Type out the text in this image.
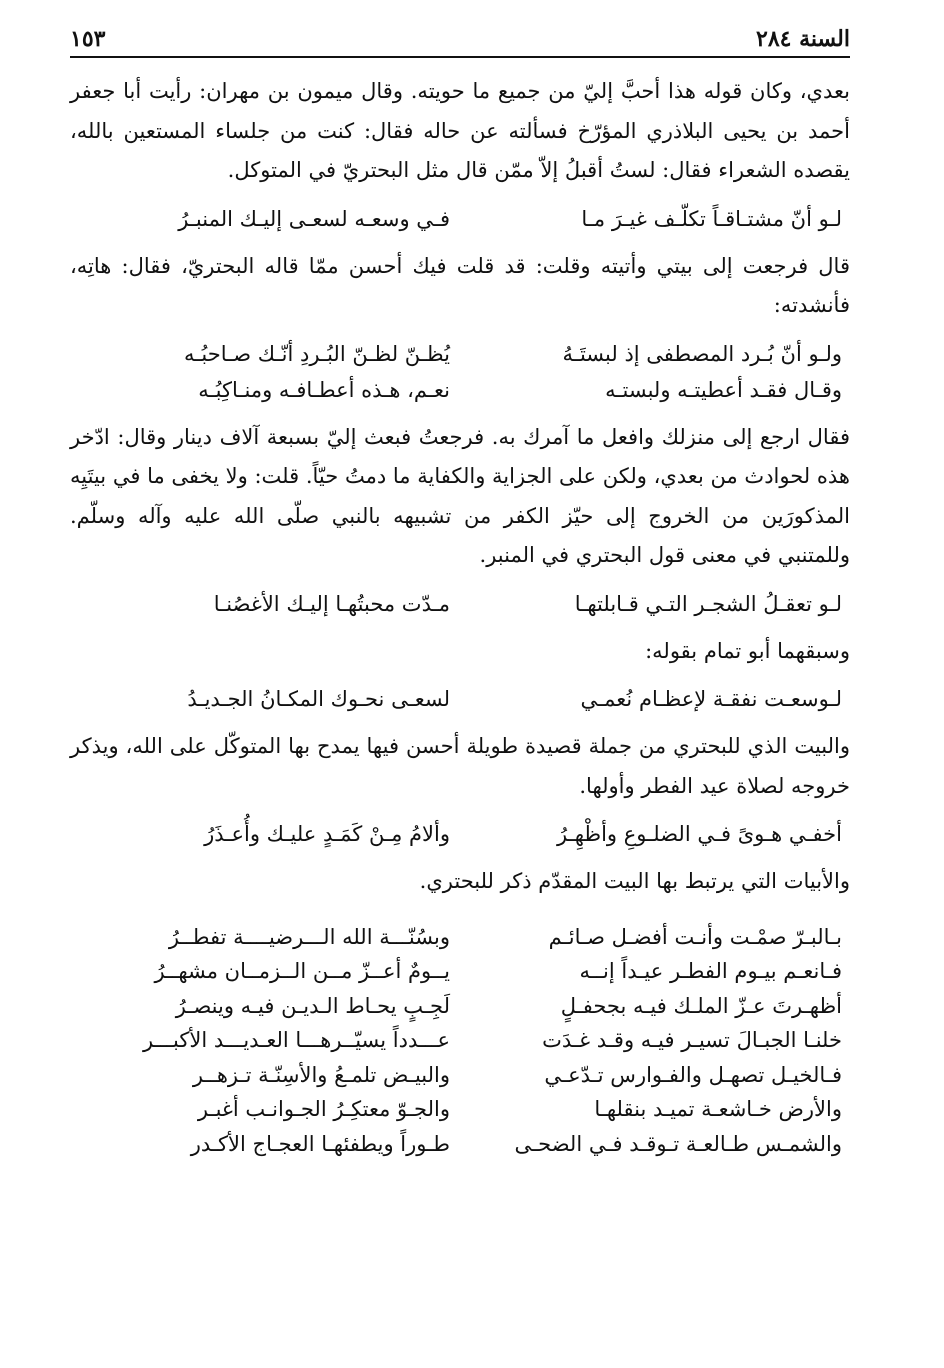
السنة ٢٨٤
١٥٣

بعدي، وكان قوله هذا أحبَّ إليّ من جميع ما حويته. وقال ميمون بن مهران: رأيت أبا جعفر أحمد بن يحيى البلاذري المؤرّخ فسألته عن حاله فقال: كنت من جلساء المستعين بالله، يقصده الشعراء فقال: لستُ أقبلُ إلاّ ممّن قال مثل البحتريّ في المتوكل.

لـو أنّ مشتـاقـاً تكلّـف غيـرَ مـا
فـي وسعـه لسعـى إليـك المنبـرُ

قال فرجعت إلى بيتي وأتيته وقلت: قد قلت فيك أحسن ممّا قاله البحتريّ، فقال: هاتِه، فأنشدته:

ولـو أنّ بُـرد المصطفى إذ لبستَـهُ
يُظـنّ لظـنّ البُـردِ أنّـك صـاحبُـه
وقـال فقـد أعطيتـه ولبستـه
نعـم، هـذه أعطـافـه ومنـاكِبُـه

فقال ارجع إلى منزلك وافعل ما آمرك به. فرجعتُ فبعث إليّ بسبعة آلاف دينار وقال: ادّخر هذه لحوادث من بعدي، ولكن على الجزاية والكفاية ما دمتُ حيّاً. قلت: ولا يخفى ما في بيتَيِه المذكورَين من الخروج إلى حيّز الكفر من تشبيهه بالنبي صلّى الله عليه وآله وسلّم. وللمتنبي في معنى قول البحتري في المنبر.

لـو تعقـلُ الشجـر التـي قـابلتهـا
مـدّت محبتُهـا إليـك الأغصُنـا

وسبقهما أبو تمام بقوله:

لـوسعـت نفقـة لإعظـام نُعمـي
لسعـى نحـوك المكـانُ الجـديـدُ

والبيت الذي للبحتري من جملة قصيدة طويلة أحسن فيها يمدح بها المتوكّل على الله، ويذكر خروجه لصلاة عيد الفطر وأولها.

أخفـي هـوىً فـي الضلـوعِ وأظْهِـرُ
وألامُ مِـنْ كَمَـدٍ عليـك وأُعـذَرُ

والأبيات التي يرتبط بها البيت المقدّم ذكر للبحتري.

بـالبـرّ صمْـت وأنـت أفضـل صـائـم
وبسُنّـــة الله الـــرضيــــة تفطــرُ
فـانعـم بيـوم الفطـر عيـداً إنــه
يــومٌ أعــزّ مــن الــزمــان مشهــرُ
أظهـرتَ عـزّ الملـك فيـه بجحفـلٍ
لَجِـبٍ يحـاط الـديـن فيـه وينصـرُ
خلنـا الجبـالَ تسيـر فيـه وقـد غـدَت
عـــدداً يسيّــرهـــا العـديـــد الأكبـــر
فـالخيـل تصهـل والفـوارس تـدّعـي
والبيـض تلمـعُ والأسِنّـة تـزهــر
والأرض خـاشعـة تميـد بنقلهـا
والجـوّ معتكِـرُ الجـوانـب أغبـر
والشمـس طـالعـة تـوقـد فـي الضحـى
طـوراً ويطفئهـا العجـاج الأكـدر
